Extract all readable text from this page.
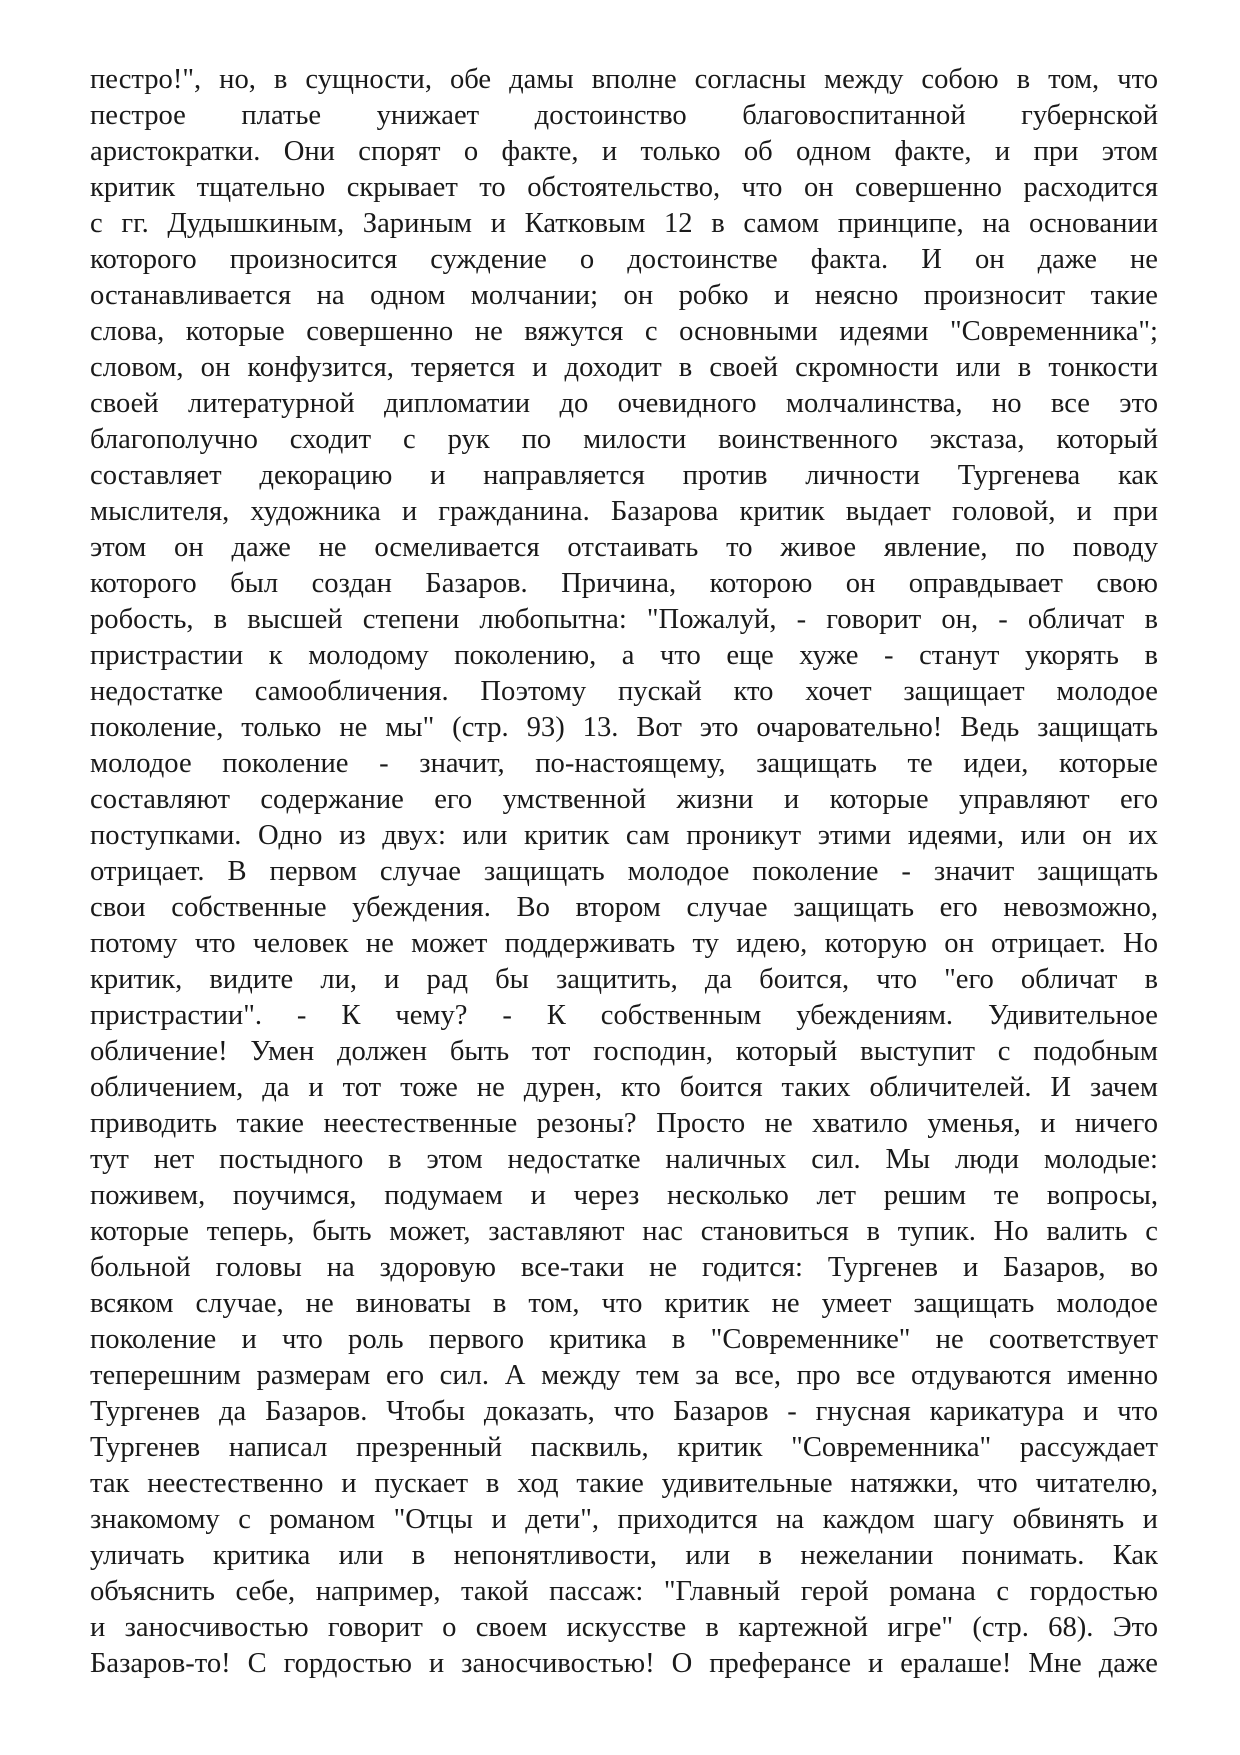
пестро!", но, в сущности, обе дамы вполне согласны между собою в том, что
пестрое платье унижает достоинство благовоспитанной губернской
аристократки. Они спорят о факте, и только об одном факте, и при этом
критик тщательно скрывает то обстоятельство, что он совершенно расходится
с гг. Дудышкиным, Зариным и Катковым 12 в самом принципе, на основании
которого произносится суждение о достоинстве факта. И он даже не
останавливается на одном молчании; он робко и неясно произносит такие
слова, которые совершенно не вяжутся с основными идеями "Современника";
словом, он конфузится, теряется и доходит в своей скромности или в тонкости
своей литературной дипломатии до очевидного молчалинства, но все это
благополучно сходит с рук по милости воинственного экстаза, который
составляет декорацию и направляется против личности Тургенева как
мыслителя, художника и гражданина. Базарова критик выдает головой, и при
этом он даже не осмеливается отстаивать то живое явление, по поводу
которого был создан Базаров. Причина, которою он оправдывает свою
робость, в высшей степени любопытна: "Пожалуй, - говорит он, - обличат в
пристрастии к молодому поколению, а что еще хуже - станут укорять в
недостатке самообличения. Поэтому пускай кто хочет защищает молодое
поколение, только не мы" (стр. 93) 13. Вот это очаровательно! Ведь защищать
молодое поколение - значит, по-настоящему, защищать те идеи, которые
составляют содержание его умственной жизни и которые управляют его
поступками. Одно из двух: или критик сам проникут этими идеями, или он их
отрицает. В первом случае защищать молодое поколение - значит защищать
свои собственные убеждения. Во втором случае защищать его невозможно,
потому что человек не может поддерживать ту идею, которую он отрицает. Но
критик, видите ли, и рад бы защитить, да боится, что "его обличат в
пристрастии". - К чему? - К собственным убеждениям. Удивительное
обличение! Умен должен быть тот господин, который выступит с подобным
обличением, да и тот тоже не дурен, кто боится таких обличителей. И зачем
приводить такие неестественные резоны? Просто не хватило уменья, и ничего
тут нет постыдного в этом недостатке наличных сил. Мы люди молодые:
поживем, поучимся, подумаем и через несколько лет решим те вопросы,
которые теперь, быть может, заставляют нас становиться в тупик. Но валить с
больной головы на здоровую все-таки не годится: Тургенев и Базаров, во
всяком случае, не виноваты в том, что критик не умеет защищать молодое
поколение и что роль первого критика в "Современнике" не соответствует
теперешним размерам его сил. А между тем за все, про все отдуваются именно
Тургенев да Базаров. Чтобы доказать, что Базаров - гнусная карикатура и что
Тургенев написал презренный пасквиль, критик "Современника" рассуждает
так неестественно и пускает в ход такие удивительные натяжки, что читателю,
знакомому с романом "Отцы и дети", приходится на каждом шагу обвинять и
уличать критика или в непонятливости, или в нежелании понимать. Как
объяснить себе, например, такой пассаж: "Главный герой романа с гордостью
и заносчивостью говорит о своем искусстве в картежной игре" (стр. 68). Это
Базаров-то! С гордостью и заносчивостью! О преферансе и ералаше! Мне даже
